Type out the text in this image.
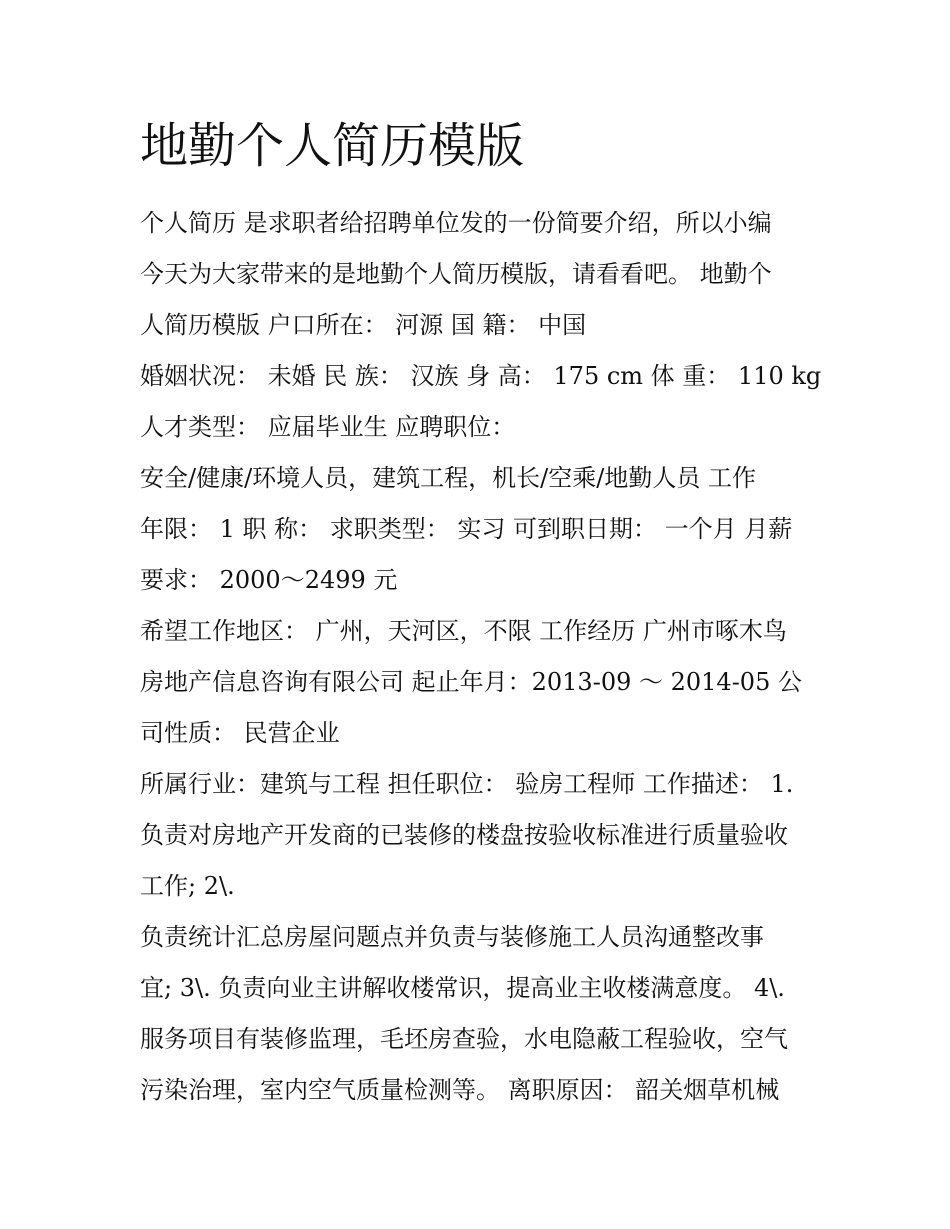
地勤个人简历模版
个人简历 是求职者给招聘单位发的一份简要介绍，所以小编
今天为大家带来的是地勤个人简历模版，请看看吧。 地勤个
人简历模版 户口所在： 河源 国 籍： 中国
婚姻状况： 未婚 民 族： 汉族 身 高： 175 cm 体 重： 110 kg
人才类型： 应届毕业生 应聘职位：
安全/健康/环境人员，建筑工程，机长/空乘/地勤人员 工作
年限： 1 职 称： 求职类型： 实习 可到职日期： 一个月 月薪
要求： 2000～2499 元
希望工作地区： 广州，天河区，不限 工作经历 广州市啄木鸟
房地产信息咨询有限公司 起止年月：2013-09 ～ 2014-05 公
司性质： 民营企业
所属行业：建筑与工程 担任职位： 验房工程师 工作描述： 1.
负责对房地产开发商的已装修的楼盘按验收标准进行质量验收
工作; 2\.
负责统计汇总房屋问题点并负责与装修施工人员沟通整改事
宜; 3\. 负责向业主讲解收楼常识，提高业主收楼满意度。 4\.
服务项目有装修监理，毛坯房查验，水电隐蔽工程验收，空气
污染治理，室内空气质量检测等。 离职原因： 韶关烟草机械
